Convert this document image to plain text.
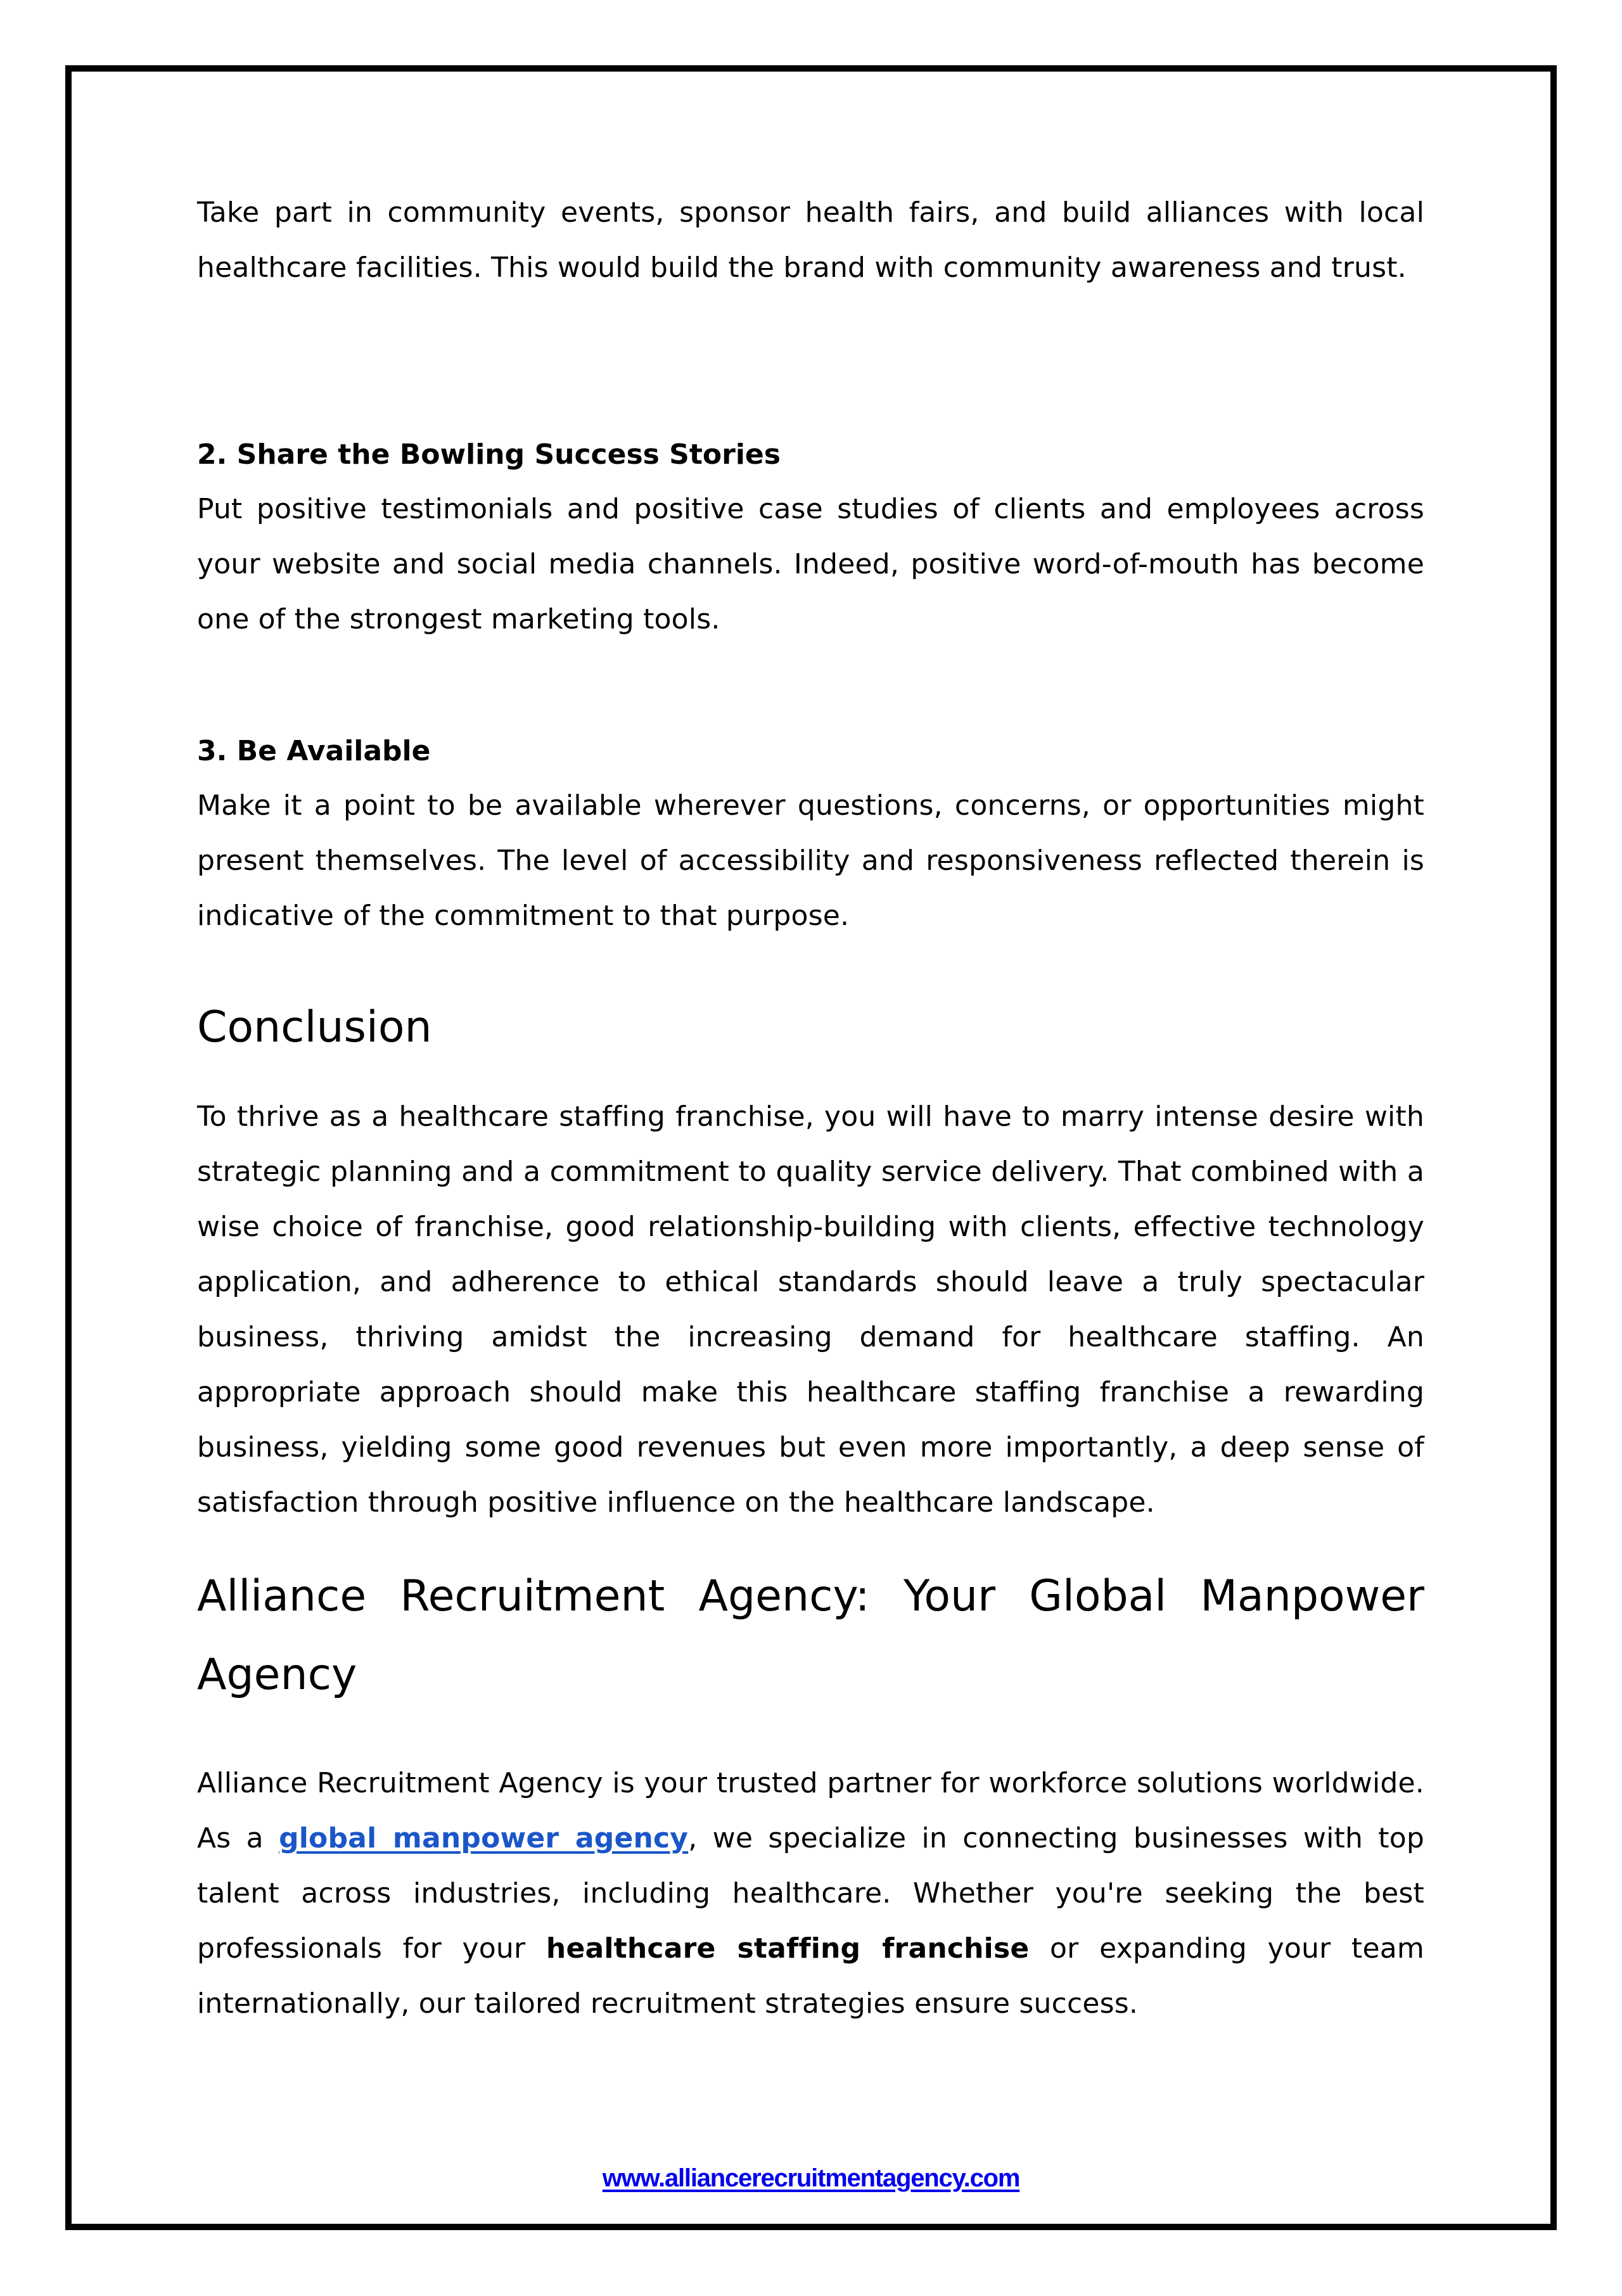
Take part in community events, sponsor health fairs, and build alliances with local healthcare facilities. This would build the brand with community awareness and trust.

2. Share the Bowling Success Stories

Put positive testimonials and positive case studies of clients and employees across your website and social media channels. Indeed, positive word-of-mouth has become one of the strongest marketing tools.

3. Be Available

Make it a point to be available wherever questions, concerns, or opportunities might present themselves. The level of accessibility and responsiveness reflected therein is indicative of the commitment to that purpose.

Conclusion

To thrive as a healthcare staffing franchise, you will have to marry intense desire with strategic planning and a commitment to quality service delivery. That combined with a wise choice of franchise, good relationship-building with clients, effective technology application, and adherence to ethical standards should leave a truly spectacular business, thriving amidst the increasing demand for healthcare staffing. An appropriate approach should make this healthcare staffing franchise a rewarding business, yielding some good revenues but even more importantly, a deep sense of satisfaction through positive influence on the healthcare landscape.

Alliance Recruitment Agency: Your Global Manpower Agency

Alliance Recruitment Agency is your trusted partner for workforce solutions worldwide. As a global manpower agency, we specialize in connecting businesses with top talent across industries, including healthcare. Whether you're seeking the best professionals for your healthcare staffing franchise or expanding your team internationally, our tailored recruitment strategies ensure success.

www.alliancerecruitmentagency.com
